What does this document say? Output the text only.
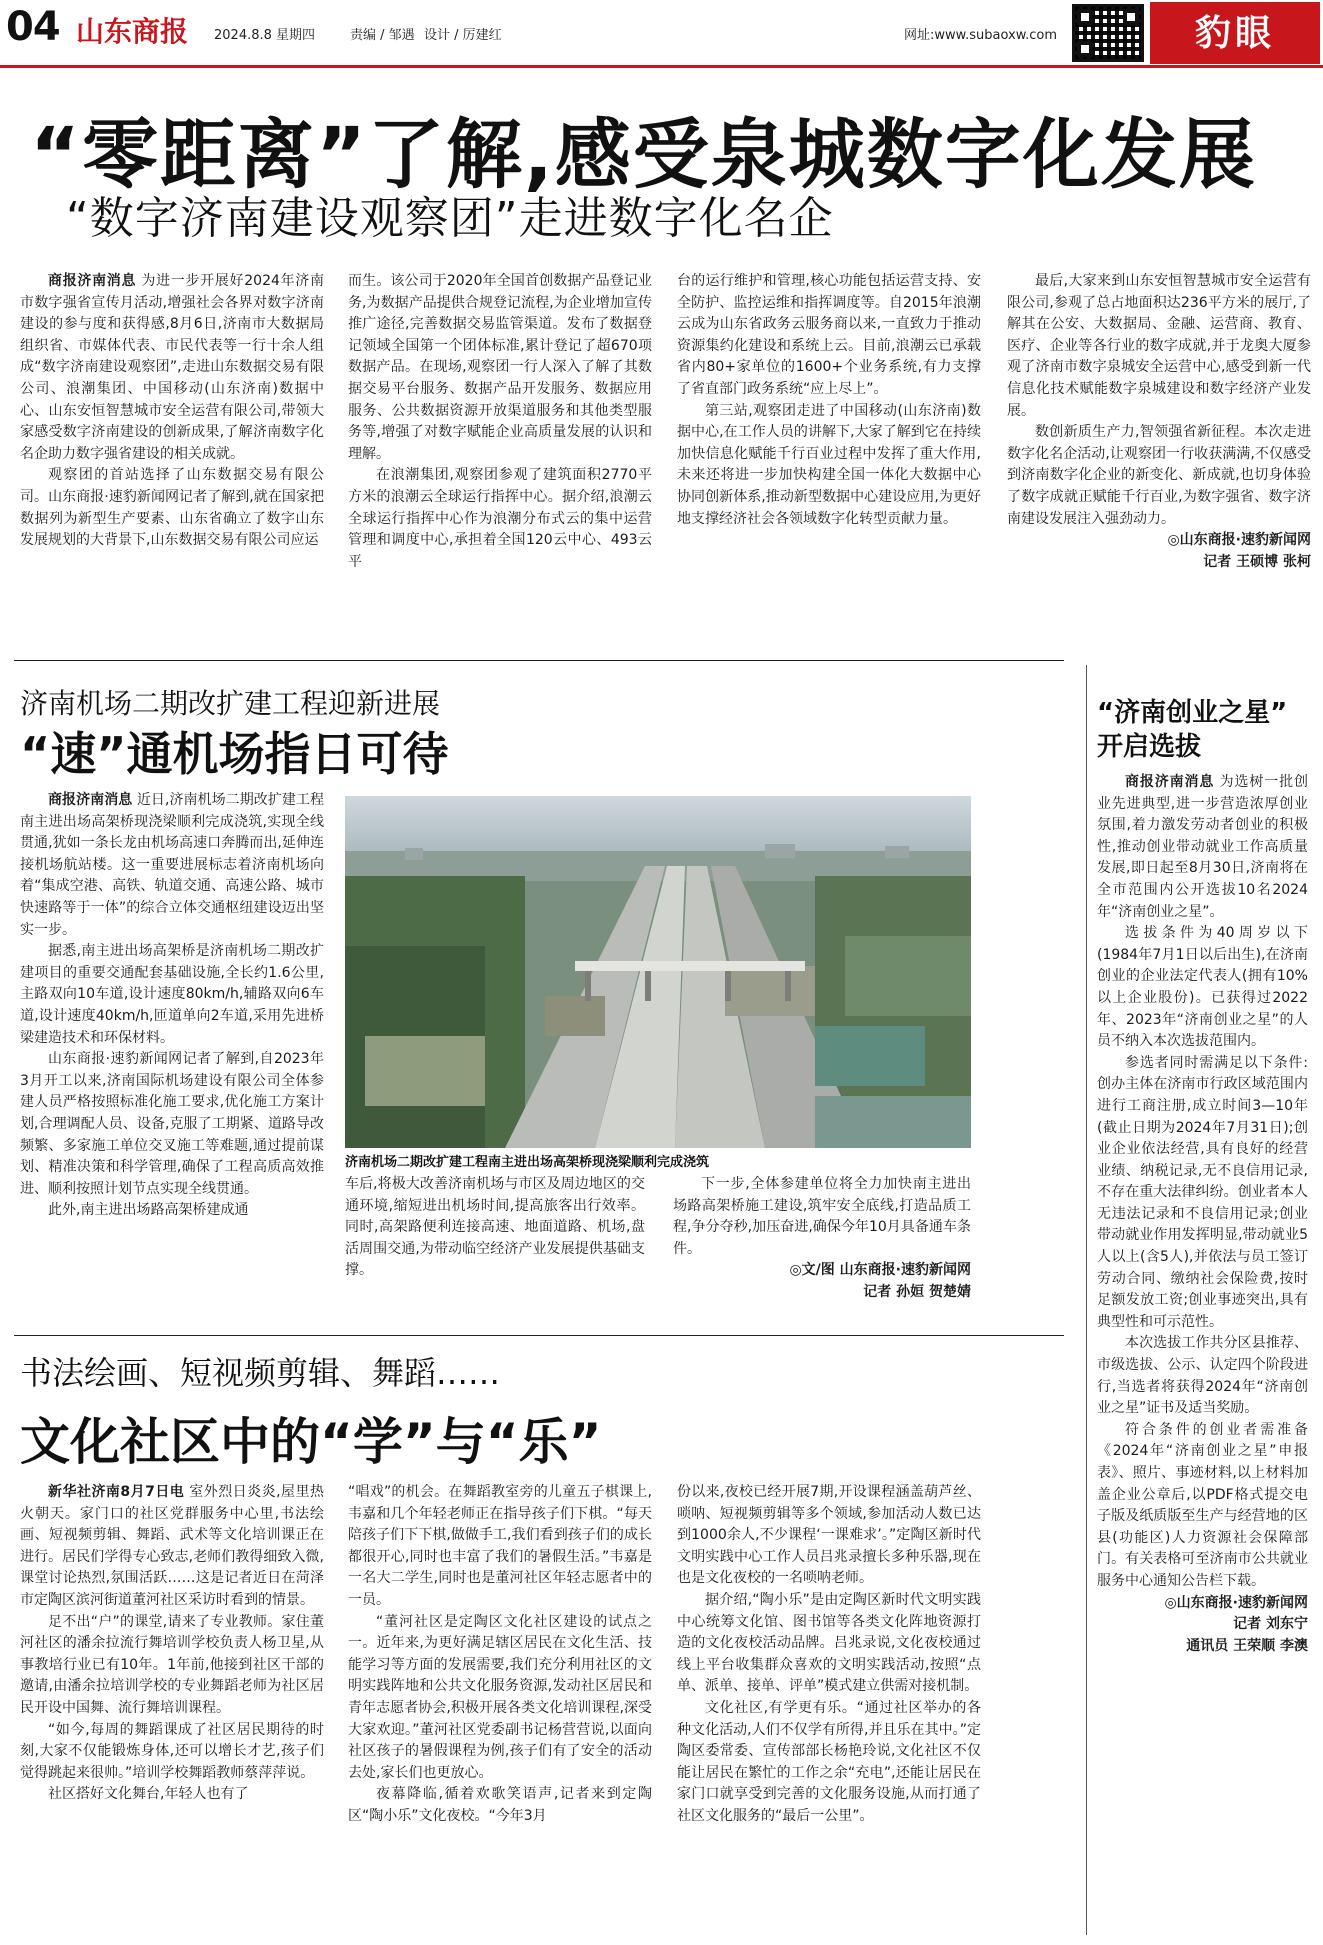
04 山东商报 2024.8.8 星期四	责编 / 邹遇 设计 / 厉建红	网址:www.subaoxw.com	豹眼
“零距离”了解,感受泉城数字化发展
“数字济南建设观察团”走进数字化名企

商报济南消息 为进一步开展好2024年济南市数字强省宣传月活动,增强社会各界对数字济南建设的参与度和获得感,8月6日,济南市大数据局组织省、市媒体代表、市民代表等一行十余人组成“数字济南建设观察团”,走进山东数据交易有限公司、浪潮集团、中国移动(山东济南)数据中心、山东安恒智慧城市安全运营有限公司,带领大家感受数字济南建设的创新成果,了解济南数字化名企助力数字强省建设的相关成就。

观察团的首站选择了山东数据交易有限公司。山东商报·速豹新闻网记者了解到,就在国家把数据列为新型生产要素、山东省确立了数字山东发展规划的大背景下,山东数据交易有限公司应运

而生。该公司于2020年全国首创数据产品登记业务,为数据产品提供合规登记流程,为企业增加宣传推广途径,完善数据交易监管渠道。发布了数据登记领域全国第一个团体标准,累计登记了超670项数据产品。在现场,观察团一行人深入了解了其数据交易平台服务、数据产品开发服务、数据应用服务、公共数据资源开放渠道服务和其他类型服务等,增强了对数字赋能企业高质量发展的认识和理解。

在浪潮集团,观察团参观了建筑面积2770平方米的浪潮云全球运行指挥中心。据介绍,浪潮云全球运行指挥中心作为浪潮分布式云的集中运营管理和调度中心,承担着全国120云中心、493云平

台的运行维护和管理,核心功能包括运营支持、安全防护、监控运维和指挥调度等。自2015年浪潮云成为山东省政务云服务商以来,一直致力于推动资源集约化建设和系统上云。目前,浪潮云已承载省内80+家单位的1600+个业务系统,有力支撑了省直部门政务系统“应上尽上”。

第三站,观察团走进了中国移动(山东济南)数据中心,在工作人员的讲解下,大家了解到它在持续加快信息化赋能千行百业过程中发挥了重大作用,未来还将进一步加快构建全国一体化大数据中心协同创新体系,推动新型数据中心建设应用,为更好地支撑经济社会各领域数字化转型贡献力量。

最后,大家来到山东安恒智慧城市安全运营有限公司,参观了总占地面积达236平方米的展厅,了解其在公安、大数据局、金融、运营商、教育、医疗、企业等各行业的数字成就,并于龙奥大厦参观了济南市数字泉城安全运营中心,感受到新一代信息化技术赋能数字泉城建设和数字经济产业发展。

数创新质生产力,智领强省新征程。本次走进数字化名企活动,让观察团一行收获满满,不仅感受到济南数字化企业的新变化、新成就,也切身体验了数字成就正赋能千行百业,为数字强省、数字济南建设发展注入强劲动力。

◎山东商报·速豹新闻网

记者 王硕博 张柯

济南机场二期改扩建工程迎新进展
“速”通机场指日可待

商报济南消息 近日,济南机场二期改扩建工程南主进出场高架桥现浇梁顺利完成浇筑,实现全线贯通,犹如一条长龙由机场高速口奔腾而出,延伸连接机场航站楼。这一重要进展标志着济南机场向着“集成空港、高铁、轨道交通、高速公路、城市快速路等于一体”的综合立体交通枢纽建设迈出坚实一步。

据悉,南主进出场高架桥是济南机场二期改扩建项目的重要交通配套基础设施,全长约1.6公里,主路双向10车道,设计速度80km/h,辅路双向6车道,设计速度40km/h,匝道单向2车道,采用先进桥梁建造技术和环保材料。

山东商报·速豹新闻网记者了解到,自2023年3月开工以来,济南国际机场建设有限公司全体参建人员严格按照标准化施工要求,优化施工方案计划,合理调配人员、设备,克服了工期紧、道路导改频繁、多家施工单位交叉施工等难题,通过提前谋划、精准决策和科学管理,确保了工程高质高效推进、顺利按照计划节点实现全线贯通。

此外,南主进出场路高架桥建成通

济南机场二期改扩建工程南主进出场高架桥现浇梁顺利完成浇筑

车后,将极大改善济南机场与市区及周边地区的交通环境,缩短进出机场时间,提高旅客出行效率。同时,高架路便利连接高速、地面道路、机场,盘活周围交通,为带动临空经济产业发展提供基础支撑。

下一步,全体参建单位将全力加快南主进出场路高架桥施工建设,筑牢安全底线,打造品质工程,争分夺秒,加压奋进,确保今年10月具备通车条件。

◎文/图 山东商报·速豹新闻网

记者 孙姮 贺楚婧

书法绘画、短视频剪辑、舞蹈……
文化社区中的“学”与“乐”

新华社济南8月7日电 室外烈日炎炎,屋里热火朝天。家门口的社区党群服务中心里,书法绘画、短视频剪辑、舞蹈、武术等文化培训课正在进行。居民们学得专心致志,老师们教得细致入微,课堂讨论热烈,氛围活跃……这是记者近日在菏泽市定陶区滨河街道董河社区采访时看到的情景。

足不出“户”的课堂,请来了专业教师。家住董河社区的潘余拉流行舞培训学校负责人杨卫星,从事教培行业已有10年。1年前,他接到社区干部的邀请,由潘余拉培训学校的专业舞蹈老师为社区居民开设中国舞、流行舞培训课程。

“如今,每周的舞蹈课成了社区居民期待的时刻,大家不仅能锻炼身体,还可以增长才艺,孩子们觉得跳起来很帅。”培训学校舞蹈教师蔡萍萍说。

社区搭好文化舞台,年轻人也有了

“唱戏”的机会。在舞蹈教室旁的儿童五子棋课上,韦嘉和几个年轻老师正在指导孩子们下棋。“每天陪孩子们下下棋,做做手工,我们看到孩子们的成长都很开心,同时也丰富了我们的暑假生活。”韦嘉是一名大二学生,同时也是董河社区年轻志愿者中的一员。

“董河社区是定陶区文化社区建设的试点之一。近年来,为更好满足辖区居民在文化生活、技能学习等方面的发展需要,我们充分利用社区的文明实践阵地和公共文化服务资源,发动社区居民和青年志愿者协会,积极开展各类文化培训课程,深受大家欢迎。”董河社区党委副书记杨营营说,以面向社区孩子的暑假课程为例,孩子们有了安全的活动去处,家长们也更放心。

夜幕降临,循着欢歌笑语声,记者来到定陶区“陶小乐”文化夜校。“今年3月

份以来,夜校已经开展7期,开设课程涵盖葫芦丝、唢呐、短视频剪辑等多个领域,参加活动人数已达到1000余人,不少课程‘一课难求’。”定陶区新时代文明实践中心工作人员吕兆录擅长多种乐器,现在也是文化夜校的一名唢呐老师。

据介绍,“陶小乐”是由定陶区新时代文明实践中心统筹文化馆、图书馆等各类文化阵地资源打造的文化夜校活动品牌。吕兆录说,文化夜校通过线上平台收集群众喜欢的文明实践活动,按照“点单、派单、接单、评单”模式建立供需对接机制。

文化社区,有学更有乐。“通过社区举办的各种文化活动,人们不仅学有所得,并且乐在其中。”定陶区委常委、宣传部部长杨艳玲说,文化社区不仅能让居民在繁忙的工作之余“充电”,还能让居民在家门口就享受到完善的文化服务设施,从而打通了社区文化服务的“最后一公里”。

“济南创业之星”
开启选拔

商报济南消息 为选树一批创业先进典型,进一步营造浓厚创业氛围,着力激发劳动者创业的积极性,推动创业带动就业工作高质量发展,即日起至8月30日,济南将在全市范围内公开选拔10名2024年“济南创业之星”。

选拔条件为40周岁以下(1984年7月1日以后出生),在济南创业的企业法定代表人(拥有10%以上企业股份)。已获得过2022年、2023年“济南创业之星”的人员不纳入本次选拔范围内。

参选者同时需满足以下条件:创办主体在济南市行政区域范围内进行工商注册,成立时间3—10年(截止日期为2024年7月31日);创业企业依法经营,具有良好的经营业绩、纳税记录,无不良信用记录,不存在重大法律纠纷。创业者本人无违法记录和不良信用记录;创业带动就业作用发挥明显,带动就业5人以上(含5人),并依法与员工签订劳动合同、缴纳社会保险费,按时足额发放工资;创业事迹突出,具有典型性和可示范性。

本次选拔工作共分区县推荐、市级选拔、公示、认定四个阶段进行,当选者将获得2024年“济南创业之星”证书及适当奖励。

符合条件的创业者需准备《2024年“济南创业之星”申报表》、照片、事迹材料,以上材料加盖企业公章后,以PDF格式提交电子版及纸质版至生产与经营地的区县(功能区)人力资源社会保障部门。有关表格可至济南市公共就业服务中心通知公告栏下载。

◎山东商报·速豹新闻网

记者 刘东宁

通讯员 王荣顺 李澳
